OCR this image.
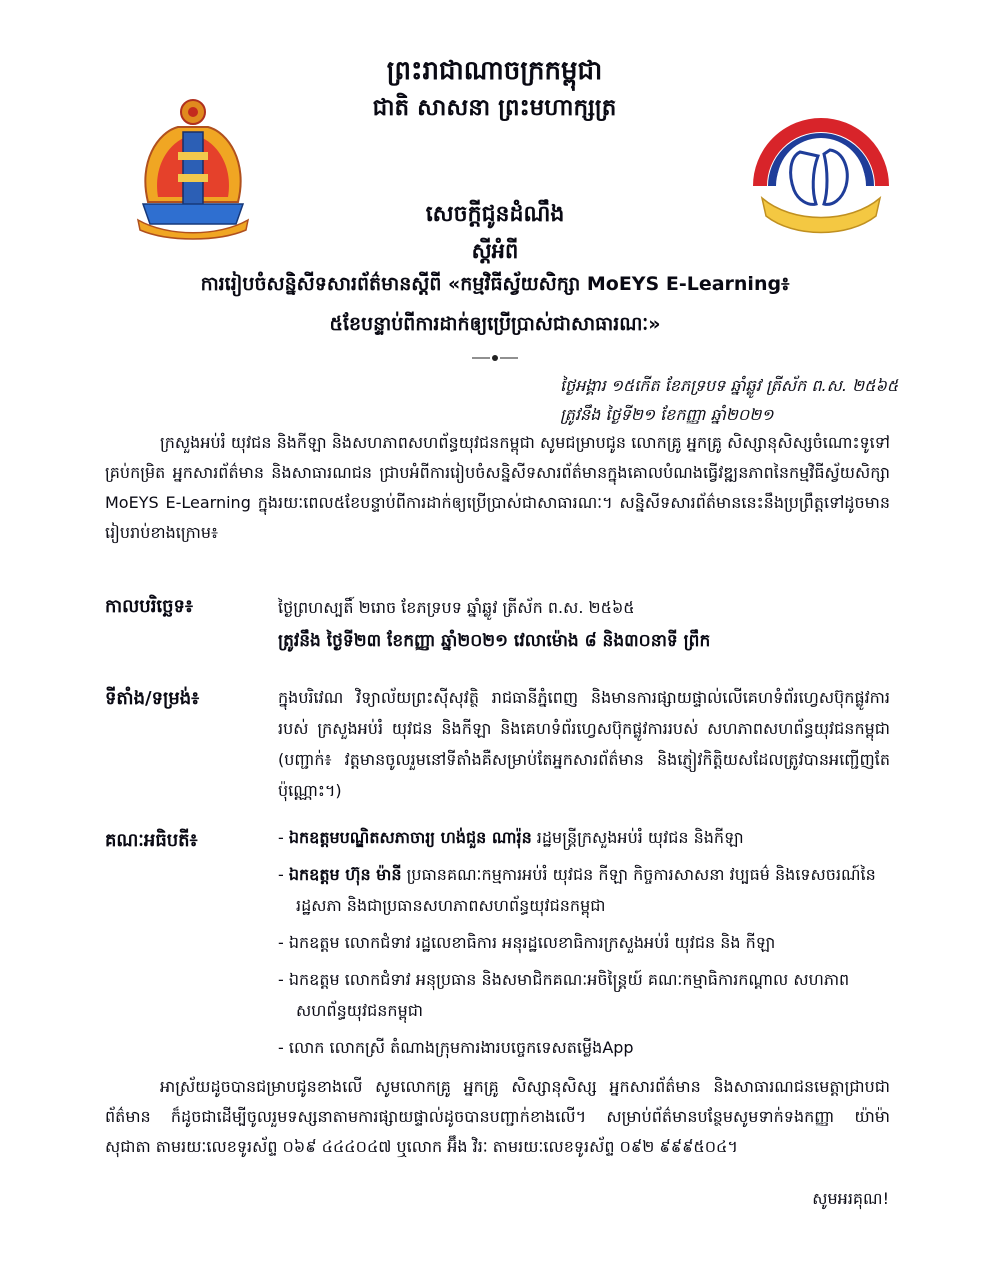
ព្រះរាជាណាចក្រកម្ពុជា
ជាតិ សាសនា ព្រះមហាក្សត្រ
សេចក្តីជូនដំណឹង
ស្តីអំពី
ការរៀបចំសន្និសីទសារព័ត៌មានស្តីពី «កម្មវិធីស្វ័យសិក្សា MoEYS E-Learning៖
៥ខែបន្ទាប់ពីការដាក់ឲ្យប្រើប្រាស់ជាសាធារណៈ»
ថ្ងៃអង្គារ ១៥កើត ខែភទ្របទ ឆ្នាំឆ្លូវ ត្រីស័ក ព.ស. ២៥៦៥
ត្រូវនឹង ថ្ងៃទី២១ ខែកញ្ញា ឆ្នាំ២០២១
ក្រសួងអប់រំ យុវជន និងកីឡា និងសហភាពសហព័ន្ធយុវជនកម្ពុជា សូមជម្រាបជូន លោកគ្រូ អ្នកគ្រូ សិស្សានុសិស្សចំណោះទូទៅគ្រប់កម្រិត អ្នកសារព័ត៌មាន និងសាធារណជន ជ្រាបអំពីការរៀបចំសន្និសីទសារព័ត៌មានក្នុងគោលបំណងធ្វើវឌ្ឍនភាពនៃកម្មវិធីស្វ័យសិក្សា MoEYS E-Learning ក្នុងរយៈពេល៥ខែបន្ទាប់ពីការដាក់ឲ្យប្រើប្រាស់ជាសាធារណៈ។ សន្និសីទសារព័ត៌មាននេះនឹងប្រព្រឹត្តទៅដូចមានរៀបរាប់ខាងក្រោម៖
កាលបរិច្ឆេទ៖	ថ្ងៃព្រហស្បតិ៍ ២រោច ខែភទ្របទ ឆ្នាំឆ្លូវ ត្រីស័ក ព.ស. ២៥៦៥
ត្រូវនឹង ថ្ងៃទី២៣ ខែកញ្ញា ឆ្នាំ២០២១ វេលាម៉ោង ៨ និង៣០នាទី ព្រឹក
ទីតាំង/ទម្រង់៖	ក្នុងបរិវេណ វិទ្យាល័យព្រះស៊ីសុវត្ថិ រាជធានីភ្នំពេញ និងមានការផ្សាយផ្ទាល់លើគេហទំព័រហ្វេសប៊ុកផ្លូវការរបស់ ក្រសួងអប់រំ យុវជន និងកីឡា និងគេហទំព័រហ្វេសប៊ុកផ្លូវការរបស់ សហភាពសហព័ន្ធយុវជនកម្ពុជា (បញ្ជាក់៖ វត្តមានចូលរួមនៅទីតាំងគឺសម្រាប់តែអ្នកសារព័ត៌មាន និងភ្ញៀវកិត្តិយសដែលត្រូវបានអញ្ជើញតែប៉ុណ្ណោះ។)
គណៈអធិបតី៖
-	ឯកឧត្តមបណ្ឌិតសភាចារ្យ ហង់ជួន ណារ៉ុន រដ្ឋមន្ត្រីក្រសួងអប់រំ យុវជន និងកីឡា
- ឯកឧត្តម ហ៊ុន ម៉ានី ប្រធានគណៈកម្មការអប់រំ យុវជន កីឡា កិច្ចការសាសនា វប្បធម៌ និងទេសចរណ៍នៃរដ្ឋសភា និងជាប្រធានសហភាពសហព័ន្ធយុវជនកម្ពុជា
- ឯកឧត្តម លោកជំទាវ រដ្ឋលេខាធិការ អនុរដ្ឋលេខាធិការក្រសួងអប់រំ យុវជន និង កីឡា
- ឯកឧត្តម លោកជំទាវ អនុប្រធាន និងសមាជិកគណៈអចិន្ត្រៃយ៍ គណៈកម្មាធិការកណ្តាល សហភាពសហព័ន្ធយុវជនកម្ពុជា
- លោក លោកស្រី តំណាងក្រុមការងារបច្ចេកទេសតម្លើងApp
អាស្រ័យដូចបានជម្រាបជូនខាងលើ សូមលោកគ្រូ អ្នកគ្រូ សិស្សានុសិស្ស អ្នកសារព័ត៌មាន និងសាធារណជនមេត្តាជ្រាបជាព័ត៌មាន ក៏ដូចជាដើម្បីចូលរួមទស្សនាតាមការផ្សាយផ្ទាល់ដូចបានបញ្ជាក់ខាងលើ។ សម្រាប់ព័ត៌មានបន្ថែមសូមទាក់ទងកញ្ញា យ៉ាម៉ា សុជាតា តាមរយៈលេខទូរស័ព្ទ ០៦៩ ៤៤៤០៤៧ ឬលោក អ៊ឹង វិរៈ តាមរយៈលេខទូរស័ព្ទ ០៩២ ៩៩៩៥០៤។
សូមអរគុណ!
